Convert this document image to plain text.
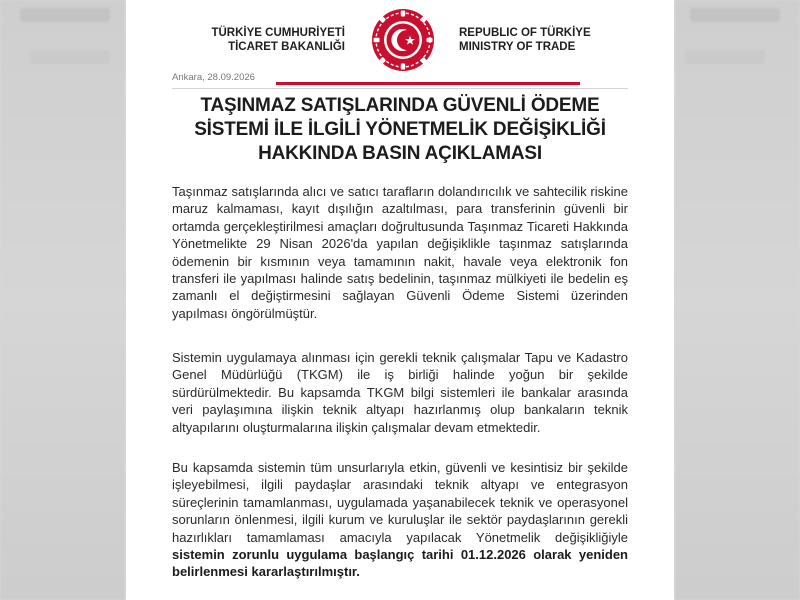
TÜRKİYE CUMHURİYETİ
TİCARET BAKANLIĞI
REPUBLIC OF TÜRKİYE
MINISTRY OF TRADE
Ankara, 28.09.2026
TAŞINMAZ SATIŞLARINDA GÜVENLİ ÖDEME
SİSTEMİ İLE İLGİLİ YÖNETMELİK DEĞİŞİKLİĞİ
HAKKINDA BASIN AÇIKLAMASI
Taşınmaz satışlarında alıcı ve satıcı tarafların dolandırıcılık ve sahtecilik riskine maruz kalmaması, kayıt dışılığın azaltılması, para transferinin güvenli bir ortamda gerçekleştirilmesi amaçları doğrultusunda Taşınmaz Ticareti Hakkında Yönetmelikte 29 Nisan 2026'da yapılan değişiklikle taşınmaz satışlarında ödemenin bir kısmının veya tamamının nakit, havale veya elektronik fon transferi ile yapılması halinde satış bedelinin, taşınmaz mülkiyeti ile bedelin eş zamanlı el değiştirmesini sağlayan Güvenli Ödeme Sistemi üzerinden yapılması öngörülmüştür.
Sistemin uygulamaya alınması için gerekli teknik çalışmalar Tapu ve Kadastro Genel Müdürlüğü (TKGM) ile iş birliği halinde yoğun bir şekilde sürdürülmektedir. Bu kapsamda TKGM bilgi sistemleri ile bankalar arasında veri paylaşımına ilişkin teknik altyapı hazırlanmış olup bankaların teknik altyapılarını oluşturmalarına ilişkin çalışmalar devam etmektedir.
Bu kapsamda sistemin tüm unsurlarıyla etkin, güvenli ve kesintisiz bir şekilde işleyebilmesi, ilgili paydaşlar arasındaki teknik altyapı ve entegrasyon süreçlerinin tamamlanması, uygulamada yaşanabilecek teknik ve operasyonel sorunların önlenmesi, ilgili kurum ve kuruluşlar ile sektör paydaşlarının gerekli hazırlıkları tamamlaması amacıyla yapılacak Yönetmelik değişikliğiyle sistemin zorunlu uygulama başlangıç tarihi 01.12.2026 olarak yeniden belirlenmesi kararlaştırılmıştır.
